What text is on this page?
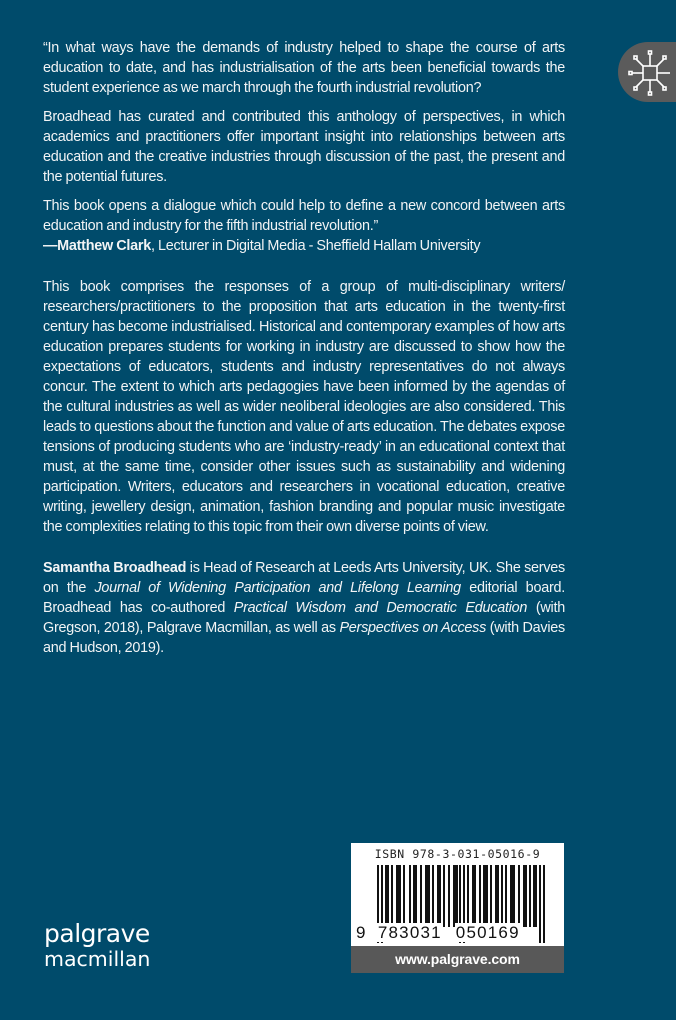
“In what ways have the demands of industry helped to shape the course of arts education to date, and has industrialisation of the arts been beneficial towards the student experience as we march through the fourth industrial revolution?

Broadhead has curated and contributed this anthology of perspectives, in which academics and practitioners offer important insight into relationships between arts education and the creative industries through discussion of the past, the present and the potential futures.

This book opens a dialogue which could help to define a new concord between arts education and industry for the fifth industrial revolution.”

—Matthew Clark, Lecturer in Digital Media - Sheffield Hallam University

This book comprises the responses of a group of multi-disciplinary writers/ researchers/practitioners to the proposition that arts education in the twenty-first century has become industrialised. Historical and contemporary examples of how arts education prepares students for working in industry are discussed to show how the expectations of educators, students and industry representatives do not always concur. The extent to which arts pedagogies have been informed by the agendas of the cultural industries as well as wider neoliberal ideologies are also considered. This leads to questions about the function and value of arts education. The debates expose tensions of producing students who are ‘industry-ready’ in an educational context that must, at the same time, consider other issues such as sustainability and widening participation. Writers, educators and researchers in vocational education, creative writing, jewellery design, animation, fashion branding and popular music investigate the complexities relating to this topic from their own diverse points of view.

Samantha Broadhead is Head of Research at Leeds Arts University, UK. She serves on the Journal of Widening Participation and Lifelong Learning editorial board. Broadhead has co-authored Practical Wisdom and Democratic Education (with Gregson, 2018), Palgrave Macmillan, as well as Perspectives on Access (with Davies and Hudson, 2019).

ISBN 978-3-031-05016-9
9 783031 050169
www.palgrave.com
palgrave
macmillan
